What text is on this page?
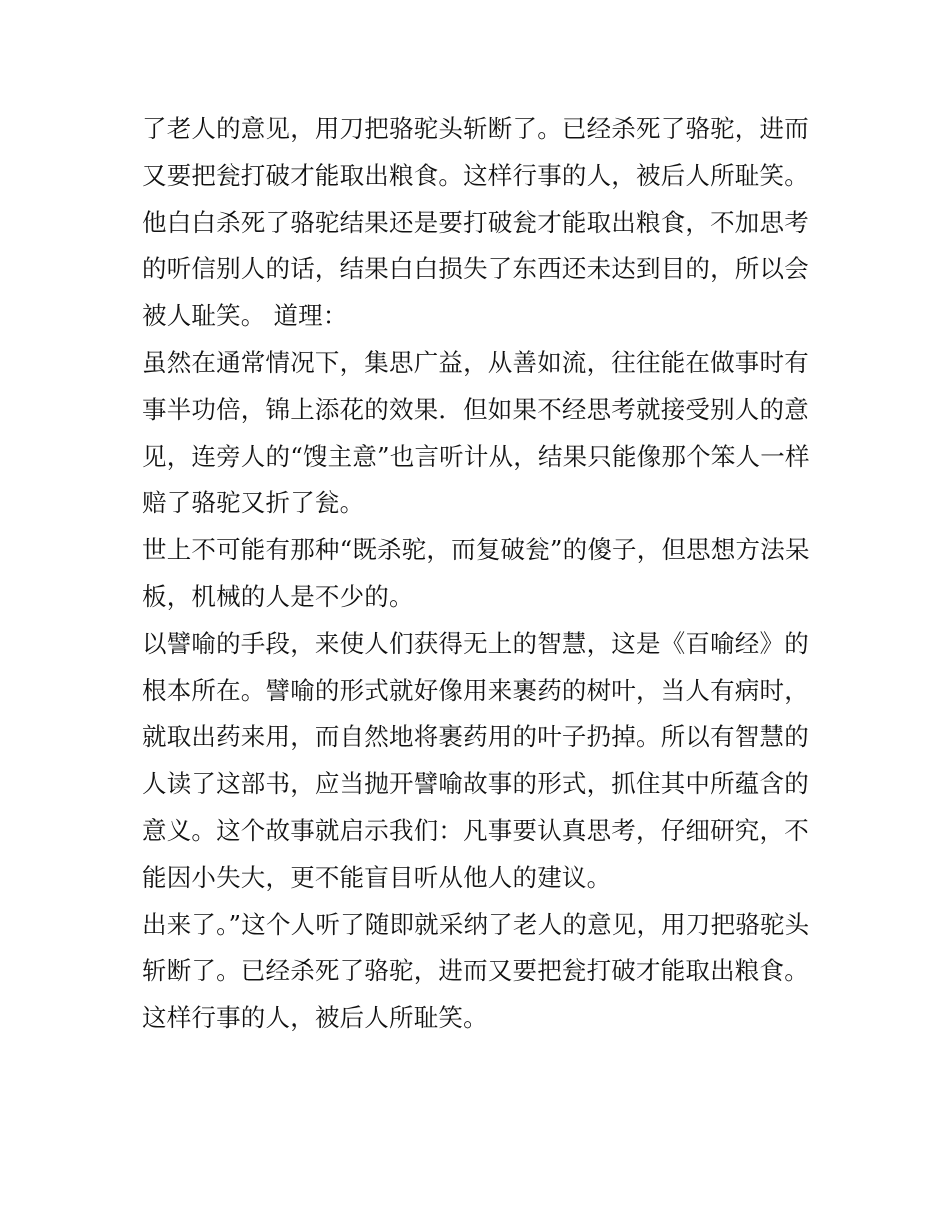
了老人的意见，用刀把骆驼头斩断了。已经杀死了骆驼，进而又要把瓮打破才能取出粮食。这样行事的人，被后人所耻笑。他白白杀死了骆驼结果还是要打破瓮才能取出粮食，不加思考的听信别人的话，结果白白损失了东西还未达到目的，所以会被人耻笑。 道理：

虽然在通常情况下，集思广益，从善如流，往往能在做事时有事半功倍，锦上添花的效果．但如果不经思考就接受别人的意见，连旁人的“馊主意”也言听计从，结果只能像那个笨人一样赔了骆驼又折了瓮。

世上不可能有那种“既杀驼，而复破瓮”的傻子，但思想方法呆板，机械的人是不少的。

以譬喻的手段，来使人们获得无上的智慧，这是《百喻经》的根本所在。譬喻的形式就好像用来裹药的树叶，当人有病时，就取出药来用，而自然地将裹药用的叶子扔掉。所以有智慧的人读了这部书，应当抛开譬喻故事的形式，抓住其中所蕴含的意义。这个故事就启示我们：凡事要认真思考，仔细研究，不能因小失大，更不能盲目听从他人的建议。

出来了。”这个人听了随即就采纳了老人的意见，用刀把骆驼头斩断了。已经杀死了骆驼，进而又要把瓮打破才能取出粮食。这样行事的人，被后人所耻笑。
